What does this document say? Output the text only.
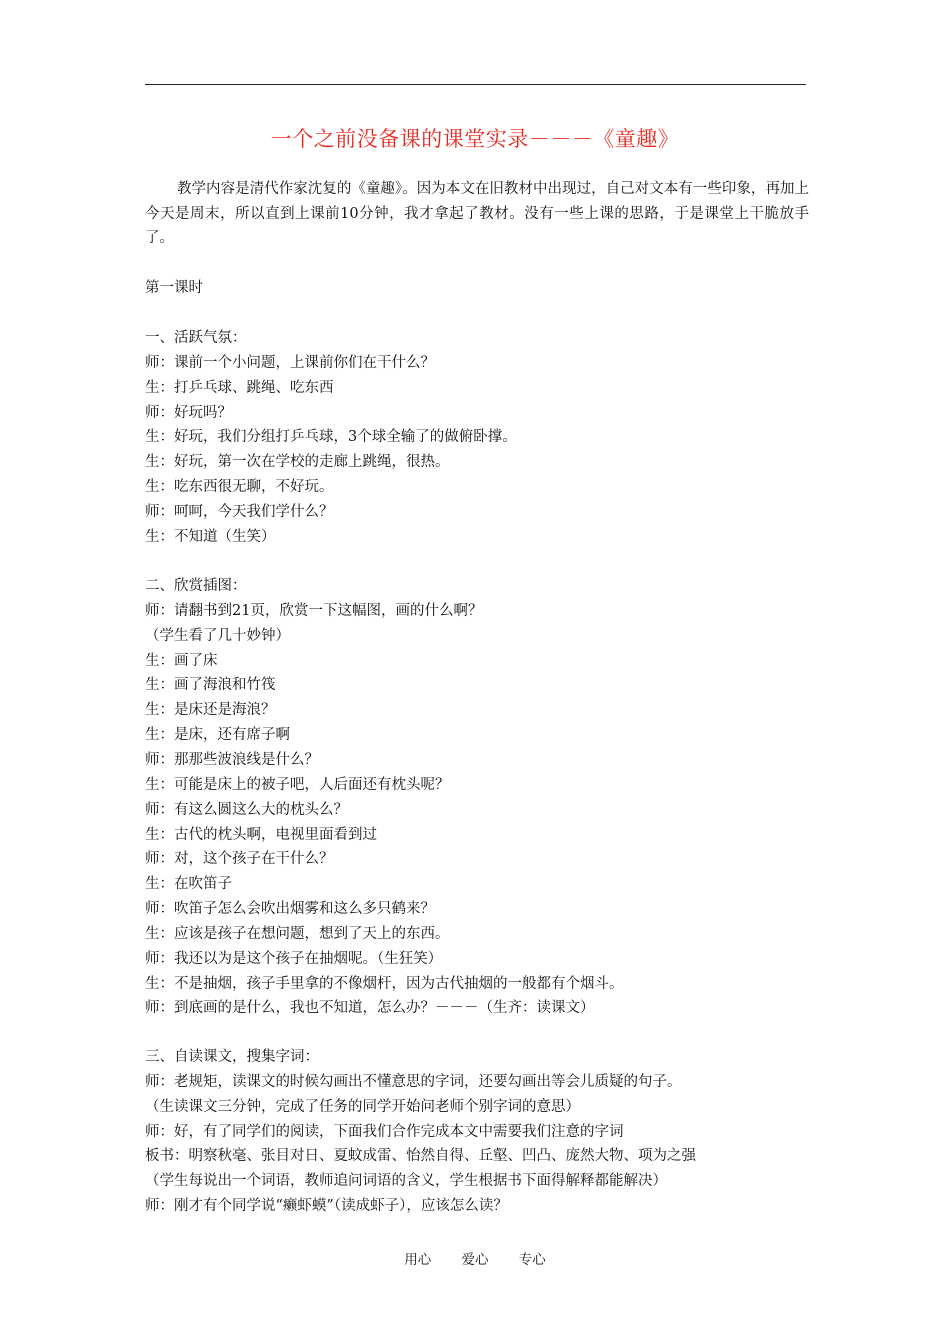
一个之前没备课的课堂实录－－－《童趣》
教学内容是清代作家沈复的《童趣》。因为本文在旧教材中出现过，自己对文本有一些印象，再加上今天是周末，所以直到上课前10分钟，我才拿起了教材。没有一些上课的思路，于是课堂上干脆放手了。
第一课时
一、活跃气氛：
师：课前一个小问题，上课前你们在干什么？
生：打乒乓球、跳绳、吃东西
师：好玩吗？
生：好玩，我们分组打乒乓球，3个球全输了的做俯卧撑。
生：好玩，第一次在学校的走廊上跳绳，很热。
生：吃东西很无聊，不好玩。
师：呵呵，今天我们学什么？
生：不知道（生笑）
二、欣赏插图：
师：请翻书到21页，欣赏一下这幅图，画的什么啊？
（学生看了几十妙钟）
生：画了床
生：画了海浪和竹筏
生：是床还是海浪？
生：是床，还有席子啊
师：那那些波浪线是什么？
生：可能是床上的被子吧，人后面还有枕头呢？
师：有这么圆这么大的枕头么？
生：古代的枕头啊，电视里面看到过
师：对，这个孩子在干什么？
生：在吹笛子
师：吹笛子怎么会吹出烟雾和这么多只鹤来？
生：应该是孩子在想问题，想到了天上的东西。
师：我还以为是这个孩子在抽烟呢。（生狂笑）
生：不是抽烟，孩子手里拿的不像烟杆，因为古代抽烟的一般都有个烟斗。
师：到底画的是什么，我也不知道，怎么办？－－－（生齐：读课文）
三、自读课文，搜集字词：
师：老规矩，读课文的时候勾画出不懂意思的字词，还要勾画出等会儿质疑的句子。
（生读课文三分钟，完成了任务的同学开始问老师个别字词的意思）
师：好，有了同学们的阅读，下面我们合作完成本文中需要我们注意的字词
板书：明察秋毫、张目对日、夏蚊成雷、怡然自得、丘壑、凹凸、庞然大物、项为之强
（学生每说出一个词语，教师追问词语的含义，学生根据书下面得解释都能解决）
师：刚才有个同学说“癞虾蟆”（读成虾子），应该怎么读？
用心 爱心 专心
